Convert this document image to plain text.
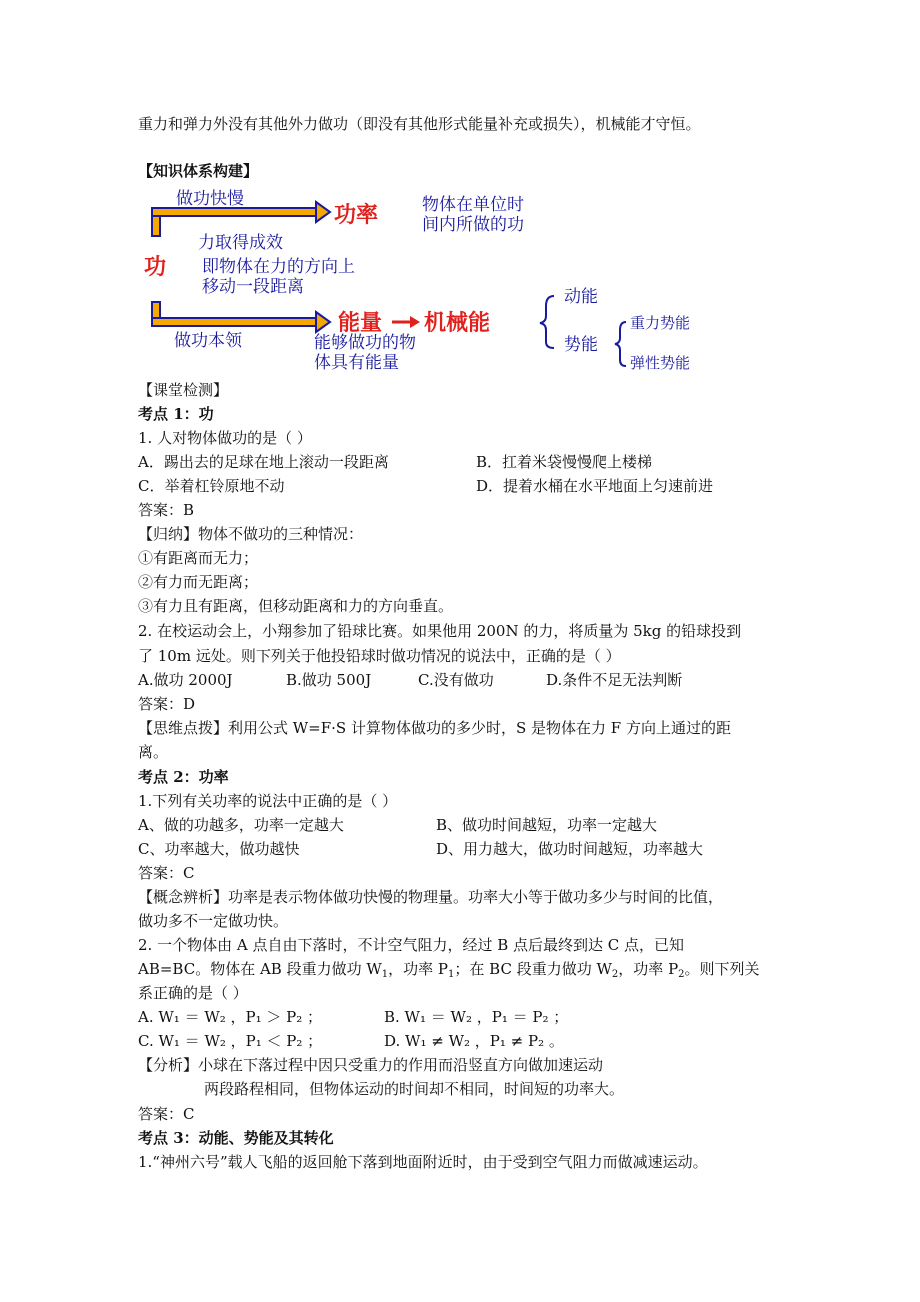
重力和弹力外没有其他外力做功（即没有其他形式能量补充或损失），机械能才守恒。
【知识体系构建】
做功快慢
功率	物体在单位时
间内所做的功
力取得成效
功 即物体在力的方向上
移动一段距离
做功本领
能量 机械能
能够做功的物
体具有能量
动能
势能
重力势能
弹性势能
【课堂检测】
考点 1：功
1. 人对物体做功的是（ ）
A．踢出去的足球在地上滚动一段距离	B．扛着米袋慢慢爬上楼梯
C．举着杠铃原地不动	D．提着水桶在水平地面上匀速前进
答案：B
【归纳】物体不做功的三种情况：
①有距离而无力；
②有力而无距离；
③有力且有距离，但移动距离和力的方向垂直。
2. 在校运动会上，小翔参加了铅球比赛。如果他用 200N 的力，将质量为 5kg 的铅球投到
了 10m 远处。则下列关于他投铅球时做功情况的说法中，正确的是（ ）
A.做功 2000J	B.做功 500J	C.没有做功	D.条件不足无法判断
答案：D
【思维点拨】利用公式 W=F·S 计算物体做功的多少时，S 是物体在力 F 方向上通过的距
离。
考点 2：功率
1.下列有关功率的说法中正确的是（ ）
A、做的功越多，功率一定越大	B、做功时间越短，功率一定越大
C、功率越大，做功越快	D、用力越大，做功时间越短，功率越大
答案：C
【概念辨析】功率是表示物体做功快慢的物理量。功率大小等于做功多少与时间的比值，
做功多不一定做功快。
2. 一个物体由 A 点自由下落时，不计空气阻力，经过 B 点后最终到达 C 点，已知
AB=BC。物体在 AB 段重力做功 $W_1$，功率 $P_1$；在 BC 段重力做功 $W_2$，功率 $P_2$。则下列关
系正确的是（ ）
A. W₁ ＝ W₂ ，P₁ ＞ P₂ ；	B. W₁ ＝ W₂ ，P₁ ＝ P₂ ；
C. W₁ ＝ W₂ ，P₁ ＜ P₂ ；	D. W₁ ≠ W₂ ，P₁ ≠ P₂ 。
【分析】小球在下落过程中因只受重力的作用而沿竖直方向做加速运动
两段路程相同，但物体运动的时间却不相同，时间短的功率大。
答案：C
考点 3：动能、势能及其转化
1.“神州六号”载人飞船的返回舱下落到地面附近时，由于受到空气阻力而做减速运动。
